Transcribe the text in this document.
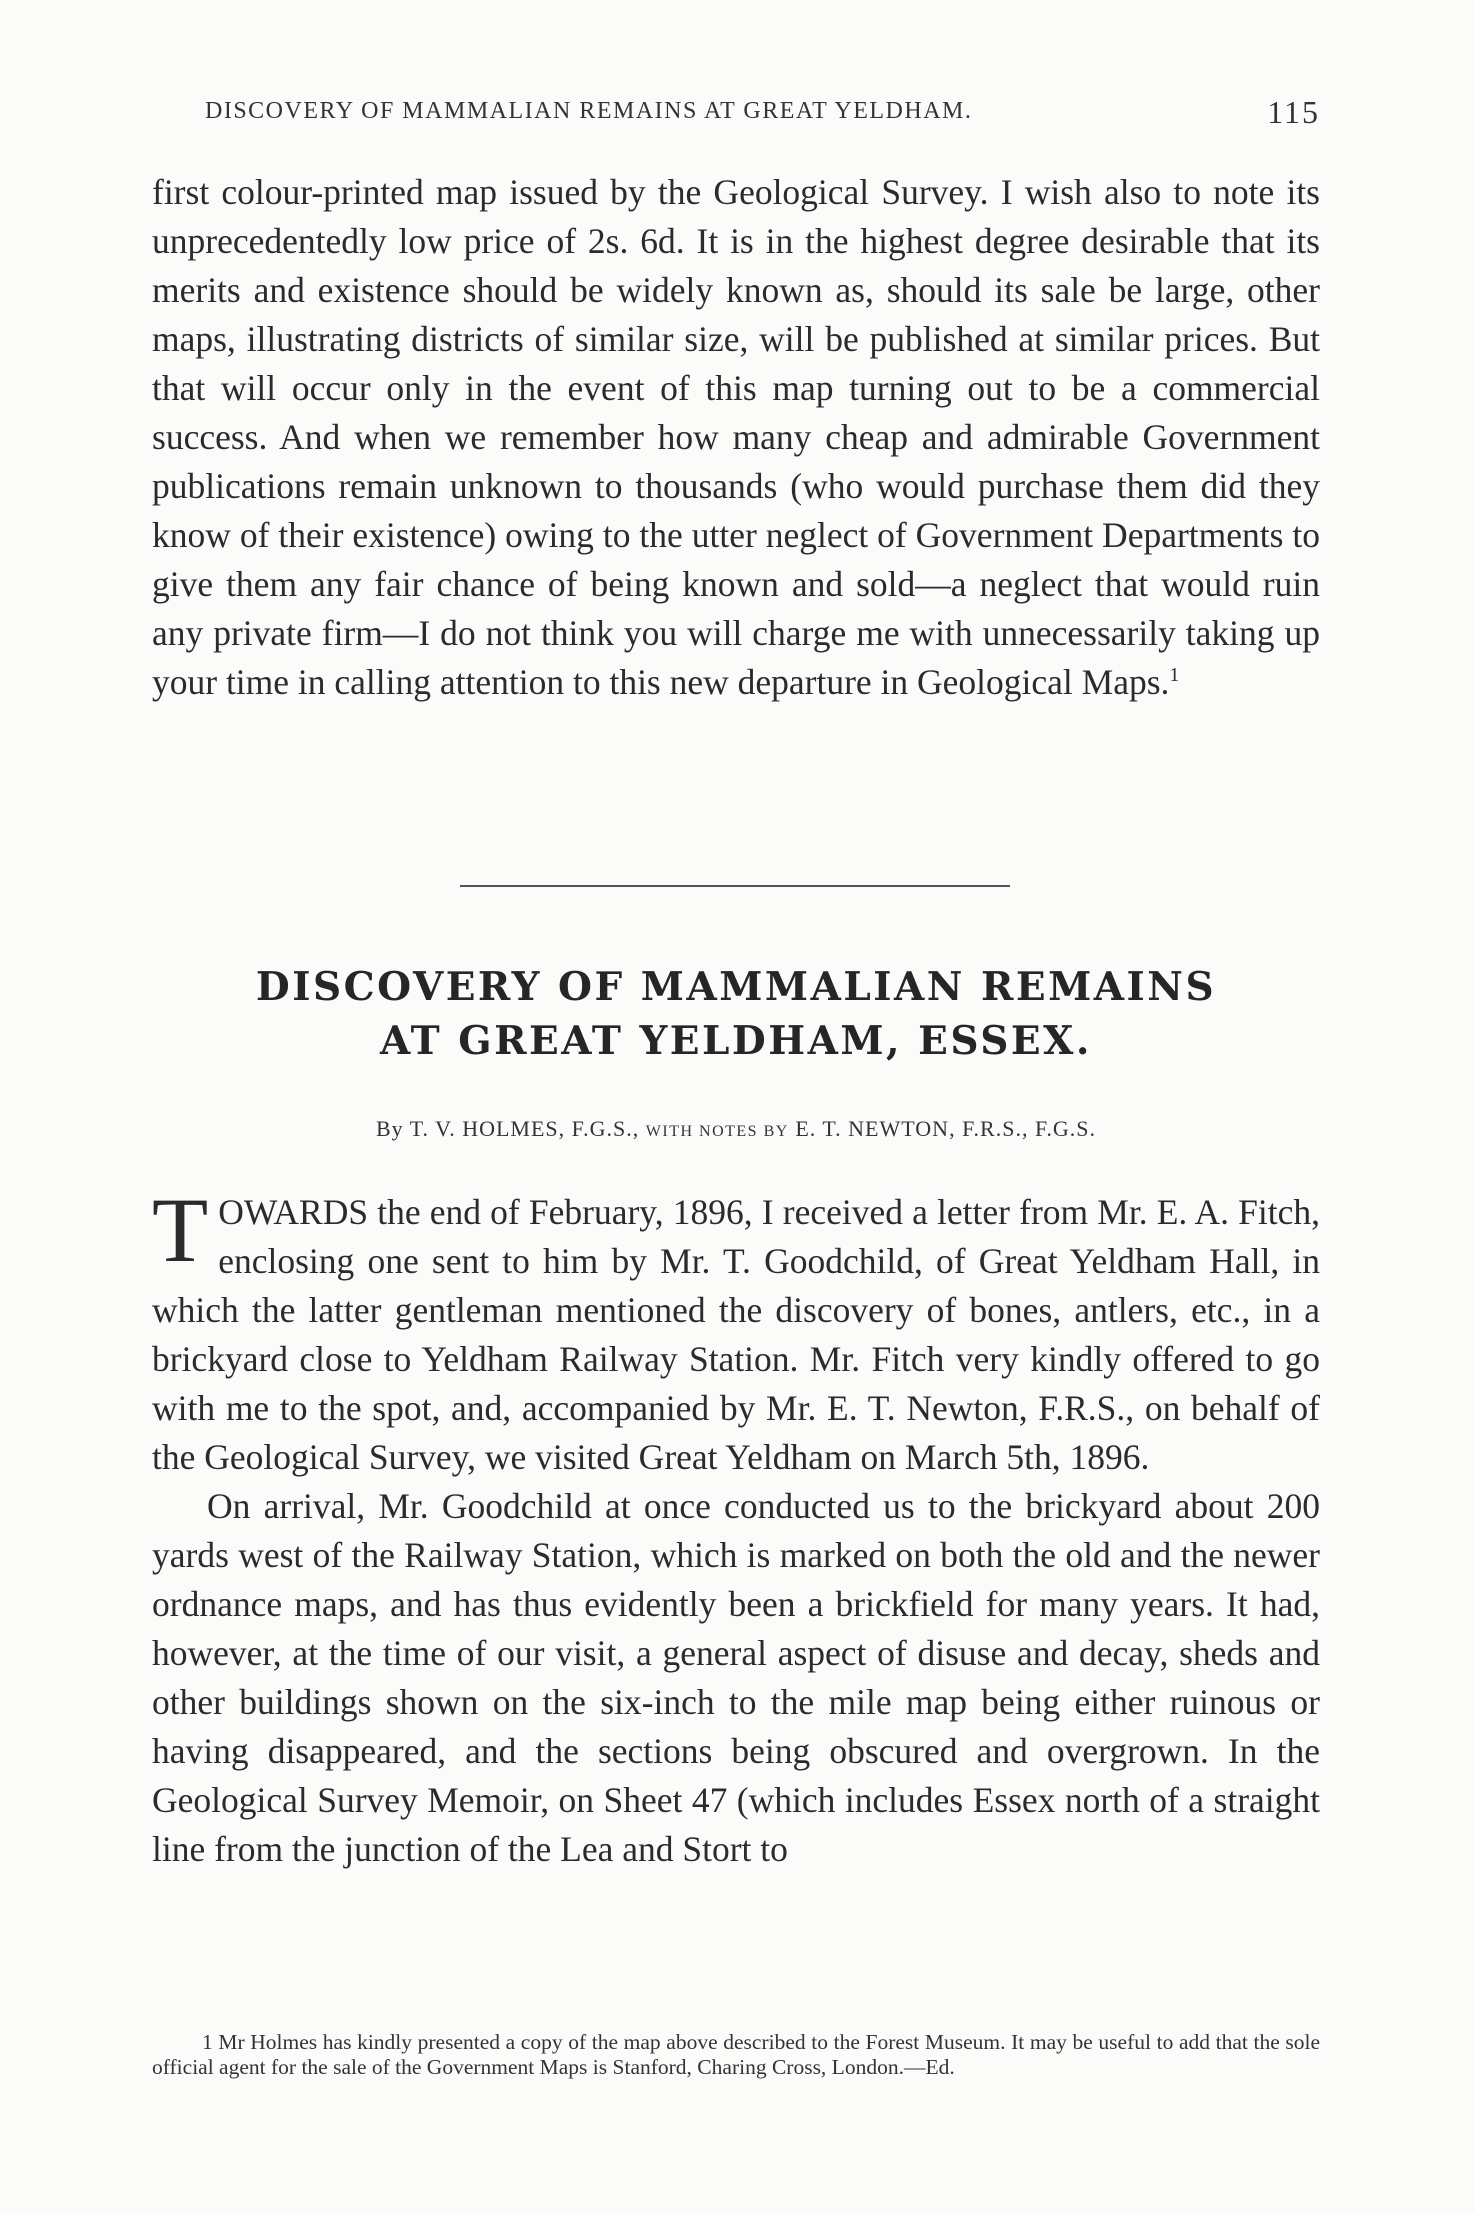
DISCOVERY OF MAMMALIAN REMAINS AT GREAT YELDHAM.	115

first colour-printed map issued by the Geological Survey. I wish also to note its unprecedentedly low price of 2s. 6d. It is in the highest degree desirable that its merits and existence should be widely known as, should its sale be large, other maps, illustrating districts of similar size, will be published at similar prices. But that will occur only in the event of this map turning out to be a commercial success. And when we remember how many cheap and admirable Government publications remain unknown to thousands (who would purchase them did they know of their existence) owing to the utter neglect of Government Departments to give them any fair chance of being known and sold—a neglect that would ruin any private firm—I do not think you will charge me with unnecessarily taking up your time in calling attention to this new departure in Geological Maps.$^1$

DISCOVERY OF MAMMALIAN REMAINS
AT GREAT YELDHAM, ESSEX.
By T. V. HOLMES, F.G.S., WITH NOTES BY E. T. NEWTON, F.R.S., F.G.S.

TOWARDS the end of February, 1896, I received a letter from Mr. E. A. Fitch, enclosing one sent to him by Mr. T. Goodchild, of Great Yeldham Hall, in which the latter gentleman mentioned the discovery of bones, antlers, etc., in a brickyard close to Yeldham Railway Station. Mr. Fitch very kindly offered to go with me to the spot, and, accompanied by Mr. E. T. Newton, F.R.S., on behalf of the Geological Survey, we visited Great Yeldham on March 5th, 1896.

On arrival, Mr. Goodchild at once conducted us to the brickyard about 200 yards west of the Railway Station, which is marked on both the old and the newer ordnance maps, and has thus evidently been a brickfield for many years. It had, however, at the time of our visit, a general aspect of disuse and decay, sheds and other buildings shown on the six-inch to the mile map being either ruinous or having disappeared, and the sections being obscured and overgrown. In the Geological Survey Memoir, on Sheet 47 (which includes Essex north of a straight line from the junction of the Lea and Stort to

1 Mr Holmes has kindly presented a copy of the map above described to the Forest Museum. It may be useful to add that the sole official agent for the sale of the Government Maps is Stanford, Charing Cross, London.—Ed.
